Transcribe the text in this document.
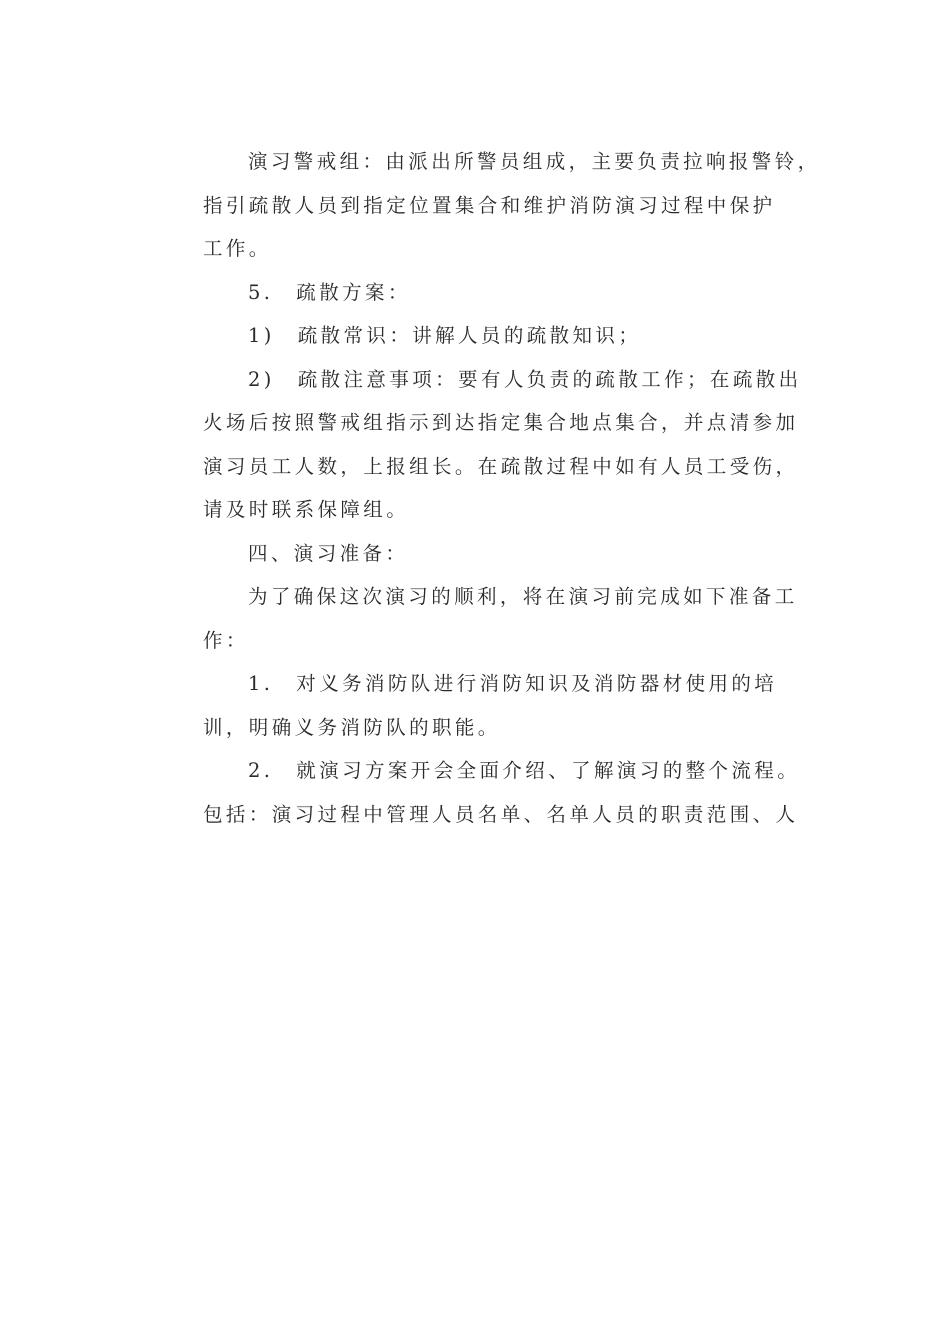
演习警戒组：由派出所警员组成，主要负责拉响报警铃，
指引疏散人员到指定位置集合和维护消防演习过程中保护
工作。
5.　疏散方案：
1)　疏散常识：讲解人员的疏散知识；
2)　疏散注意事项：要有人负责的疏散工作；在疏散出
火场后按照警戒组指示到达指定集合地点集合，并点清参加
演习员工人数，上报组长。在疏散过程中如有人员工受伤，
请及时联系保障组。
四、演习准备：
为了确保这次演习的顺利，将在演习前完成如下准备工
作：
1.　对义务消防队进行消防知识及消防器材使用的培
训，明确义务消防队的职能。
2.　就演习方案开会全面介绍、了解演习的整个流程。
包括：演习过程中管理人员名单、名单人员的职责范围、人
